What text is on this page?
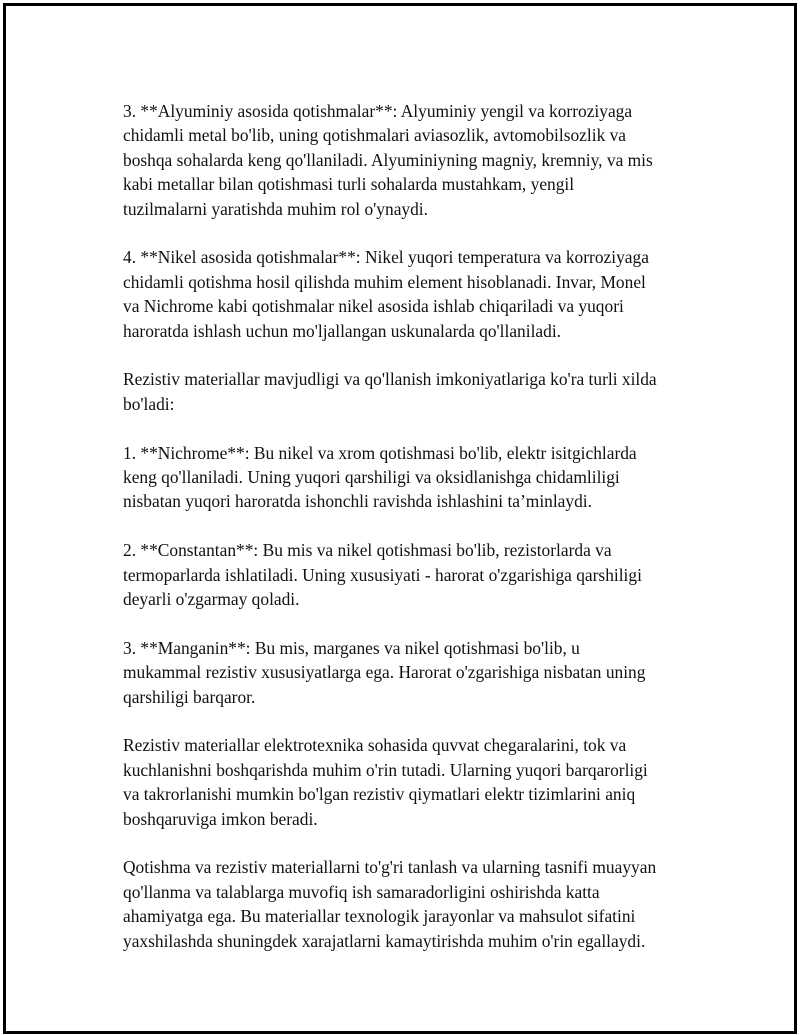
3. **Alyuminiy asosida qotishmalar**: Alyuminiy yengil va korroziyaga
chidamli metal bo'lib, uning qotishmalari aviasozlik, avtomobilsozlik va
boshqa sohalarda keng qo'llaniladi. Alyuminiyning magniy, kremniy, va mis
kabi metallar bilan qotishmasi turli sohalarda mustahkam, yengil
tuzilmalarni yaratishda muhim rol o'ynaydi.

4. **Nikel asosida qotishmalar**: Nikel yuqori temperatura va korroziyaga
chidamli qotishma hosil qilishda muhim element hisoblanadi. Invar, Monel
va Nichrome kabi qotishmalar nikel asosida ishlab chiqariladi va yuqori
haroratda ishlash uchun mo'ljallangan uskunalarda qo'llaniladi.

Rezistiv materiallar mavjudligi va qo'llanish imkoniyatlariga ko'ra turli xilda
bo'ladi:

1. **Nichrome**: Bu nikel va xrom qotishmasi bo'lib, elektr isitgichlarda
keng qo'llaniladi. Uning yuqori qarshiligi va oksidlanishga chidamliligi
nisbatan yuqori haroratda ishonchli ravishda ishlashini ta’minlaydi.

2. **Constantan**: Bu mis va nikel qotishmasi bo'lib, rezistorlarda va
termoparlarda ishlatiladi. Uning xususiyati - harorat o'zgarishiga qarshiligi
deyarli o'zgarmay qoladi.

3. **Manganin**: Bu mis, marganes va nikel qotishmasi bo'lib, u
mukammal rezistiv xususiyatlarga ega. Harorat o'zgarishiga nisbatan uning
qarshiligi barqaror.

Rezistiv materiallar elektrotexnika sohasida quvvat chegaralarini, tok va
kuchlanishni boshqarishda muhim o'rin tutadi. Ularning yuqori barqarorligi
va takrorlanishi mumkin bo'lgan rezistiv qiymatlari elektr tizimlarini aniq
boshqaruviga imkon beradi.

Qotishma va rezistiv materiallarni to'g'ri tanlash va ularning tasnifi muayyan
qo'llanma va talablarga muvofiq ish samaradorligini oshirishda katta
ahamiyatga ega. Bu materiallar texnologik jarayonlar va mahsulot sifatini
yaxshilashda shuningdek xarajatlarni kamaytirishda muhim o'rin egallaydi.
